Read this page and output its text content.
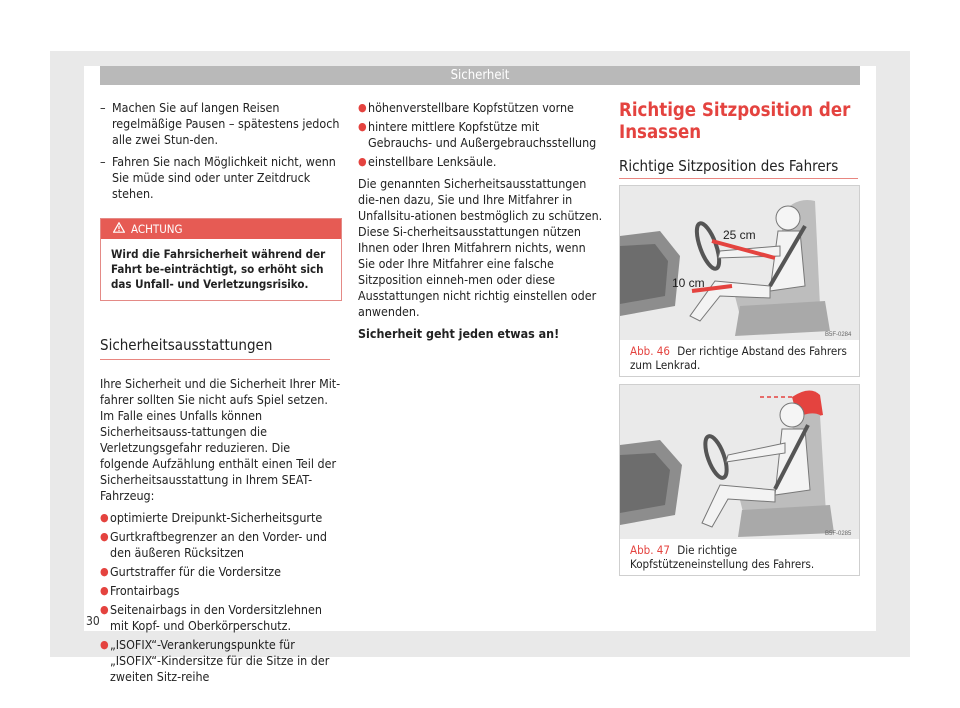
Sicherheit
– Machen Sie auf langen Reisen regelmäßige Pausen – spätestens jedoch alle zwei Stun-den.
– Fahren Sie nach Möglichkeit nicht, wenn Sie müde sind oder unter Zeitdruck stehen.
ACHTUNG
Wird die Fahrsicherheit während der Fahrt be-einträchtigt, so erhöht sich das Unfall- und Verletzungsrisiko.
Sicherheitsausstattungen

Ihre Sicherheit und die Sicherheit Ihrer Mit-fahrer sollten Sie nicht aufs Spiel setzen. Im Falle eines Unfalls können Sicherheitsauss-tattungen die Verletzungsgefahr reduzieren. Die folgende Aufzählung enthält einen Teil der Sicherheitsausstattung in Ihrem SEAT-Fahrzeug:

● optimierte Dreipunkt-Sicherheitsgurte
● Gurtkraftbegrenzer an den Vorder- und den äußeren Rücksitzen
● Gurtstraffer für die Vordersitze
● Frontairbags
● Seitenairbags in den Vordersitzlehnen mit Kopf- und Oberkörperschutz.
● „ISOFIX“-Verankerungspunkte für „ISOFIX“-Kindersitze für die Sitze in der zweiten Sitz-reihe
● höhenverstellbare Kopfstützen vorne
● hintere mittlere Kopfstütze mit Gebrauchs- und Außergebrauchsstellung
● einstellbare Lenksäule.

Die genannten Sicherheitsausstattungen die-nen dazu, Sie und Ihre Mitfahrer in Unfallsitu-ationen bestmöglich zu schützen. Diese Si-cherheitsausstattungen nützen Ihnen oder Ihren Mitfahrern nichts, wenn Sie oder Ihre Mitfahrer eine falsche Sitzposition einneh-men oder diese Ausstattungen nicht richtig einstellen oder anwenden.

Sicherheit geht jeden etwas an!

Richtige Sitzposition der Insassen
Richtige Sitzposition des Fahrers
25 cm
10 cm
B5F-0284
Abb. 46 Der richtige Abstand des Fahrers zum Lenkrad.
B5F-0285
Abb. 47 Die richtige Kopfstützeneinstellung des Fahrers.
30
